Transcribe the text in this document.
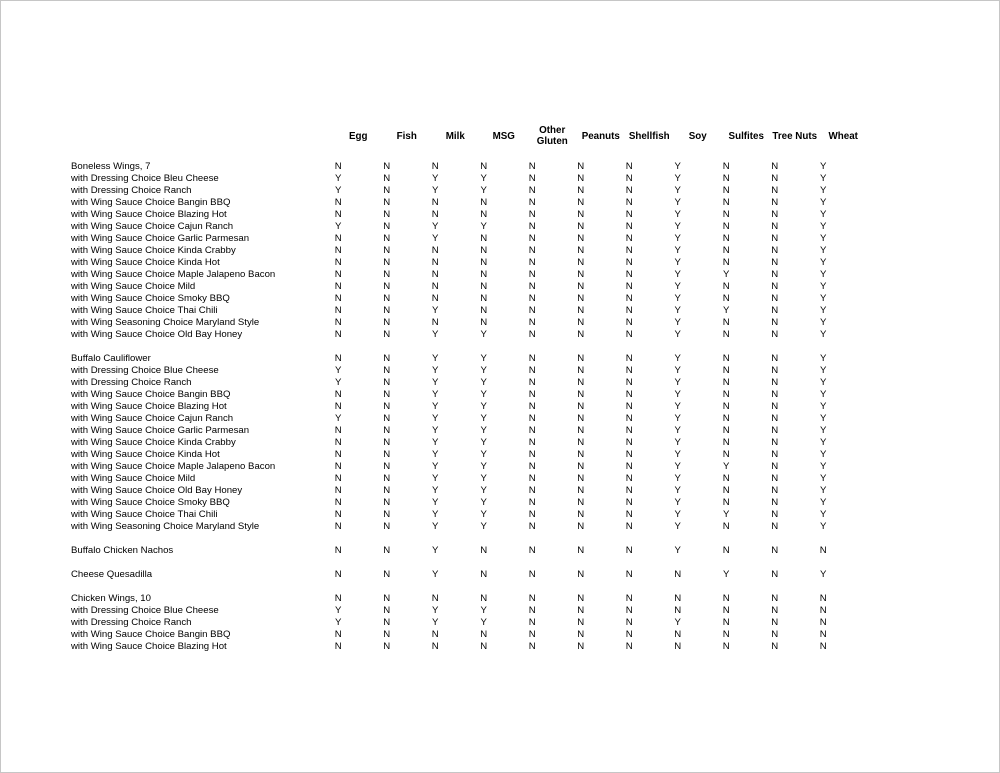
	Egg	Fish	Milk	MSG	Other Gluten	Peanuts	Shellfish	Soy	Sulfites	Tree Nuts	Wheat
Boneless Wings, 7	N	N	N	N	N	N	N	Y	N	N	Y
with Dressing Choice Bleu Cheese	Y	N	Y	Y	N	N	N	Y	N	N	Y
with Dressing Choice Ranch	Y	N	Y	Y	N	N	N	Y	N	N	Y
with Wing Sauce Choice Bangin BBQ	N	N	N	N	N	N	N	Y	N	N	Y
with Wing Sauce Choice Blazing Hot	N	N	N	N	N	N	N	Y	N	N	Y
with Wing Sauce Choice Cajun Ranch	Y	N	Y	Y	N	N	N	Y	N	N	Y
with Wing Sauce Choice Garlic Parmesan	N	N	Y	N	N	N	N	Y	N	N	Y
with Wing Sauce Choice Kinda Crabby	N	N	N	N	N	N	N	Y	N	N	Y
with Wing Sauce Choice Kinda Hot	N	N	N	N	N	N	N	Y	N	N	Y
with Wing Sauce Choice Maple Jalapeno Bacon	N	N	N	N	N	N	N	Y	Y	N	Y
with Wing Sauce Choice Mild	N	N	N	N	N	N	N	Y	N	N	Y
with Wing Sauce Choice Smoky BBQ	N	N	N	N	N	N	N	Y	N	N	Y
with Wing Sauce Choice Thai Chili	N	N	Y	N	N	N	N	Y	Y	N	Y
with Wing Seasoning Choice Maryland Style	N	N	N	N	N	N	N	Y	N	N	Y
with Wing Sauce Choice Old Bay Honey	N	N	Y	Y	N	N	N	Y	N	N	Y

Buffalo Cauliflower	N	N	Y	Y	N	N	N	Y	N	N	Y
with Dressing Choice Blue Cheese	Y	N	Y	Y	N	N	N	Y	N	N	Y
with Dressing Choice Ranch	Y	N	Y	Y	N	N	N	Y	N	N	Y
with Wing Sauce Choice Bangin BBQ	N	N	Y	Y	N	N	N	Y	N	N	Y
with Wing Sauce Choice Blazing Hot	N	N	Y	Y	N	N	N	Y	N	N	Y
with Wing Sauce Choice Cajun Ranch	Y	N	Y	Y	N	N	N	Y	N	N	Y
with Wing Sauce Choice Garlic Parmesan	N	N	Y	Y	N	N	N	Y	N	N	Y
with Wing Sauce Choice Kinda Crabby	N	N	Y	Y	N	N	N	Y	N	N	Y
with Wing Sauce Choice Kinda Hot	N	N	Y	Y	N	N	N	Y	N	N	Y
with Wing Sauce Choice Maple Jalapeno Bacon	N	N	Y	Y	N	N	N	Y	Y	N	Y
with Wing Sauce Choice Mild	N	N	Y	Y	N	N	N	Y	N	N	Y
with Wing Sauce Choice Old Bay Honey	N	N	Y	Y	N	N	N	Y	N	N	Y
with Wing Sauce Choice Smoky BBQ	N	N	Y	Y	N	N	N	Y	N	N	Y
with Wing Sauce Choice Thai Chili	N	N	Y	Y	N	N	N	Y	Y	N	Y
with Wing Seasoning Choice Maryland Style	N	N	Y	Y	N	N	N	Y	N	N	Y

Buffalo Chicken Nachos	N	N	Y	N	N	N	N	Y	N	N	N

Cheese Quesadilla	N	N	Y	N	N	N	N	N	Y	N	Y

Chicken Wings, 10	N	N	N	N	N	N	N	N	N	N	N
with Dressing Choice Blue Cheese	Y	N	Y	Y	N	N	N	N	N	N	N
with Dressing Choice Ranch	Y	N	Y	Y	N	N	N	Y	N	N	N
with Wing Sauce Choice Bangin BBQ	N	N	N	N	N	N	N	N	N	N	N
with Wing Sauce Choice Blazing Hot	N	N	N	N	N	N	N	N	N	N	N
